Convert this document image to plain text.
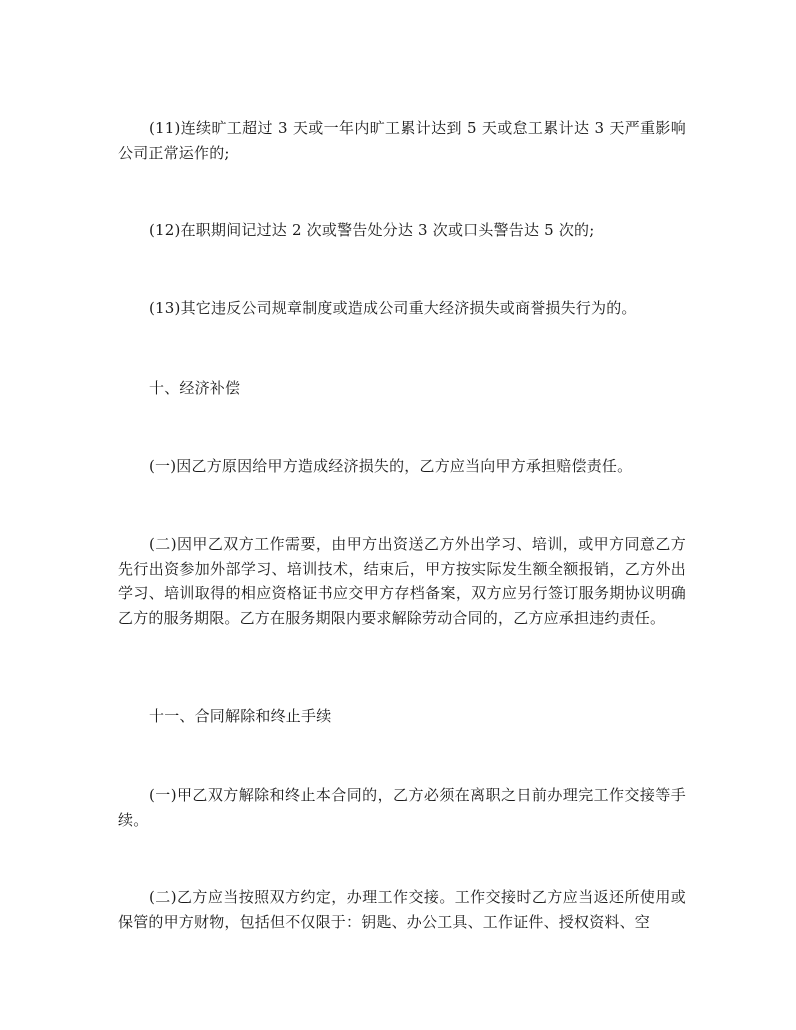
(11)连续旷工超过 3 天或一年内旷工累计达到 5 天或怠工累计达 3 天严重影响公司正常运作的;

(12)在职期间记过达 2 次或警告处分达 3 次或口头警告达 5 次的;

(13)其它违反公司规章制度或造成公司重大经济损失或商誉损失行为的。

十、经济补偿

(一)因乙方原因给甲方造成经济损失的，乙方应当向甲方承担赔偿责任。

(二)因甲乙双方工作需要，由甲方出资送乙方外出学习、培训，或甲方同意乙方先行出资参加外部学习、培训技术，结束后，甲方按实际发生额全额报销，乙方外出学习、培训取得的相应资格证书应交甲方存档备案，双方应另行签订服务期协议明确乙方的服务期限。乙方在服务期限内要求解除劳动合同的，乙方应承担违约责任。

十一、合同解除和终止手续

(一)甲乙双方解除和终止本合同的，乙方必须在离职之日前办理完工作交接等手续。

(二)乙方应当按照双方约定，办理工作交接。工作交接时乙方应当返还所使用或保管的甲方财物，包括但不仅限于：钥匙、办公工具、工作证件、授权资料、空
